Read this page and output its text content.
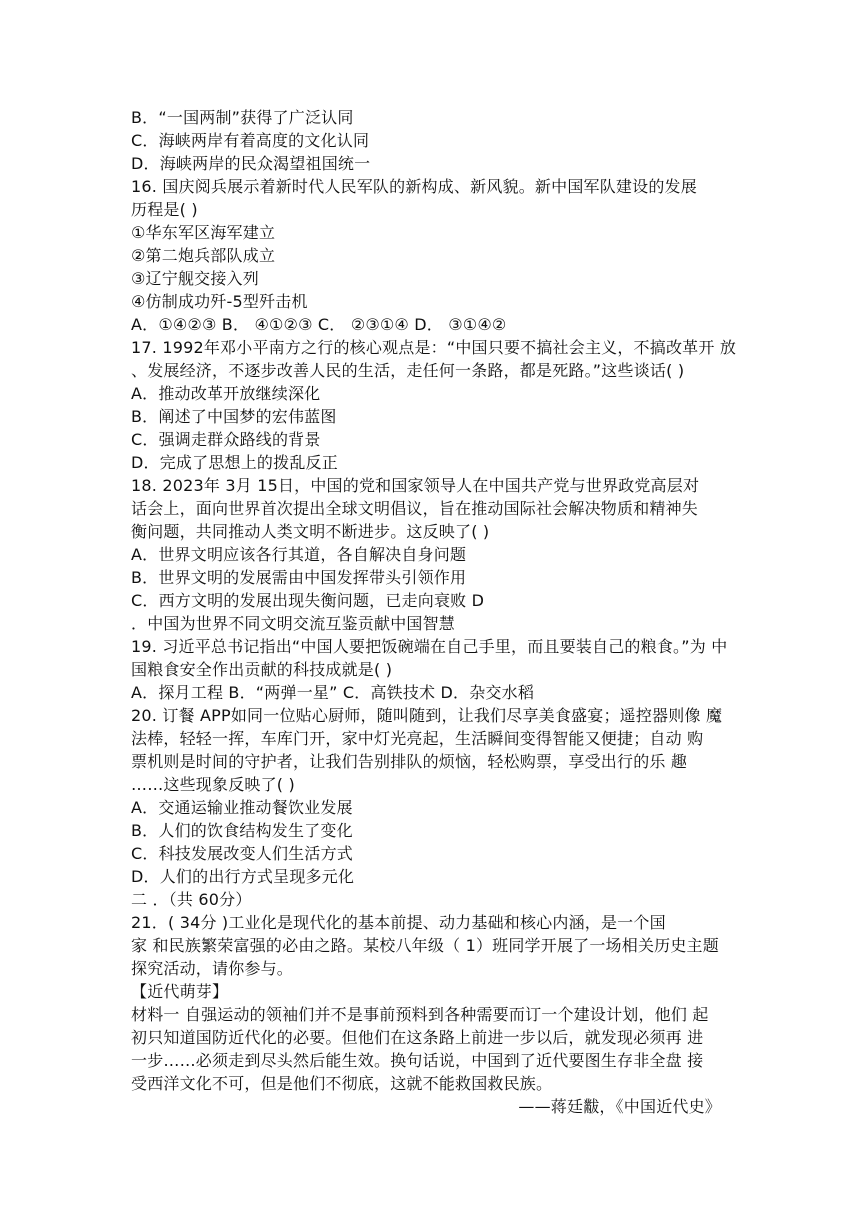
B．“一国两制”获得了广泛认同
C．海峡两岸有着高度的文化认同
D．海峡两岸的民众渴望祖国统一
16. 国庆阅兵展示着新时代人民军队的新构成、新风貌。新中国军队建设的发展
历程是( )
①华东军区海军建立
②第二炮兵部队成立
③辽宁舰交接入列
④仿制成功歼-5型歼击机
A．①④②③ B． ④①②③ C． ②③①④ D． ③①④②
17. 1992年邓小平南方之行的核心观点是：“中国只要不搞社会主义，不搞改革开 放
、发展经济，不逐步改善人民的生活，走任何一条路，都是死路。”这些谈话( )
A．推动改革开放继续深化
B．阐述了中国梦的宏伟蓝图
C．强调走群众路线的背景
D．完成了思想上的拨乱反正
18. 2023年 3月 15日，中国的党和国家领导人在中国共产党与世界政党高层对
话会上，面向世界首次提出全球文明倡议，旨在推动国际社会解决物质和精神失
衡问题，共同推动人类文明不断进步。这反映了( )
A．世界文明应该各行其道，各自解决自身问题
B．世界文明的发展需由中国发挥带头引领作用
C．西方文明的发展出现失衡问题，已走向衰败 D
．中国为世界不同文明交流互鉴贡献中国智慧
19. 习近平总书记指出“中国人要把饭碗端在自己手里，而且要装自己的粮食。”为 中
国粮食安全作出贡献的科技成就是( )
A．探月工程 B．“两弹一星” C．高铁技术 D．杂交水稻
20. 订餐 APP如同一位贴心厨师，随叫随到，让我们尽享美食盛宴；遥控器则像 魔
法棒，轻轻一挥，车库门开，家中灯光亮起，生活瞬间变得智能又便捷；自动 购
票机则是时间的守护者，让我们告别排队的烦恼，轻松购票，享受出行的乐 趣
……这些现象反映了( )
A．交通运输业推动餐饮业发展
B．人们的饮食结构发生了变化
C．科技发展改变人们生活方式
D．人们的出行方式呈现多元化
二 ．（共 60分）
21．( 34分 )工业化是现代化的基本前提、动力基础和核心内涵，是一个国
家 和民族繁荣富强的必由之路。某校八年级（ 1）班同学开展了一场相关历史主题
探究活动，请你参与。
【近代萌芽】
材料一 自强运动的领袖们并不是事前预料到各种需要而订一个建设计划，他们 起
初只知道国防近代化的必要。但他们在这条路上前进一步以后，就发现必须再 进
一步……必须走到尽头然后能生效。换句话说，中国到了近代要图生存非全盘 接
受西洋文化不可，但是他们不彻底，这就不能救国救民族。
——蒋廷黻，《中国近代史》
